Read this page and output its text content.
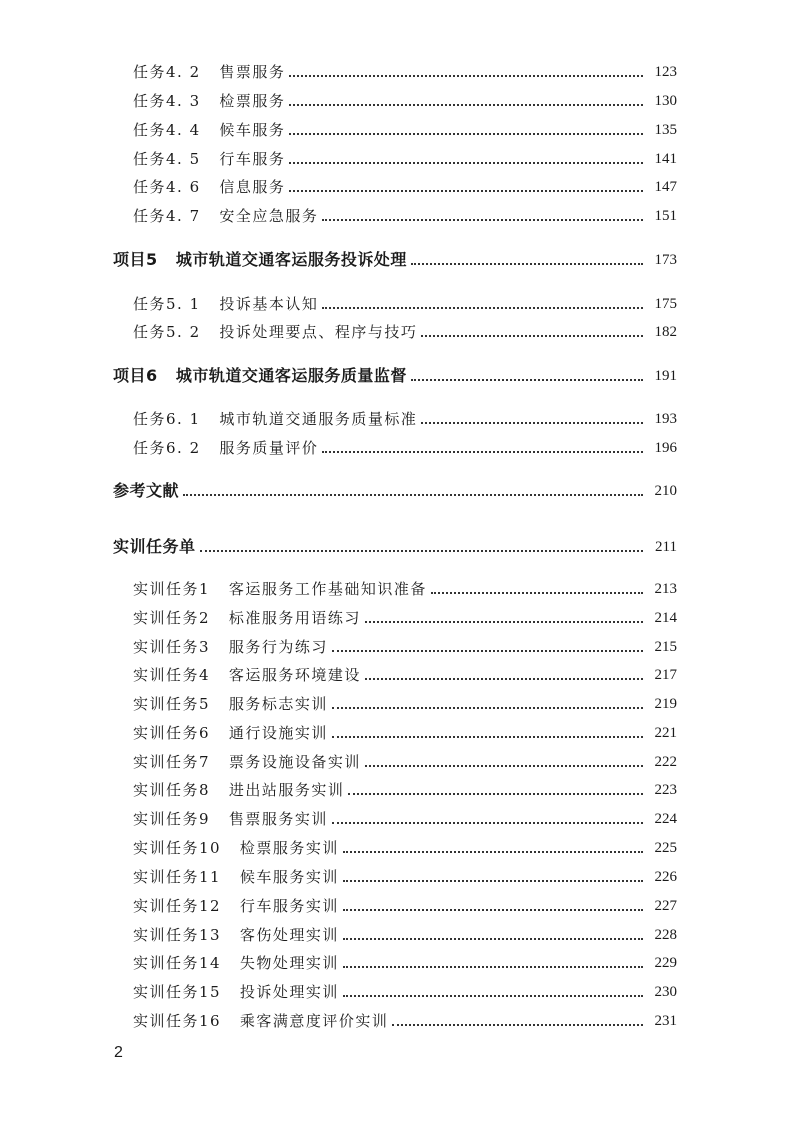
任务4. 2   售票服务	123
任务4. 3   检票服务	130
任务4. 4   候车服务	135
任务4. 5   行车服务	141
任务4. 6   信息服务	147
任务4. 7   安全应急服务	151
项目5   城市轨道交通客运服务投诉处理	173
任务5. 1   投诉基本认知	175
任务5. 2   投诉处理要点、程序与技巧	182
项目6   城市轨道交通客运服务质量监督	191
任务6. 1   城市轨道交通服务质量标准	193
任务6. 2   服务质量评价	196
参考文献	210
实训任务单	211
实训任务1   客运服务工作基础知识准备	213
实训任务2   标准服务用语练习	214
实训任务3   服务行为练习	215
实训任务4   客运服务环境建设	217
实训任务5   服务标志实训	219
实训任务6   通行设施实训	221
实训任务7   票务设施设备实训	222
实训任务8   进出站服务实训	223
实训任务9   售票服务实训	224
实训任务10   检票服务实训	225
实训任务11   候车服务实训	226
实训任务12   行车服务实训	227
实训任务13   客伤处理实训	228
实训任务14   失物处理实训	229
实训任务15   投诉处理实训	230
实训任务16   乘客满意度评价实训	231
2
